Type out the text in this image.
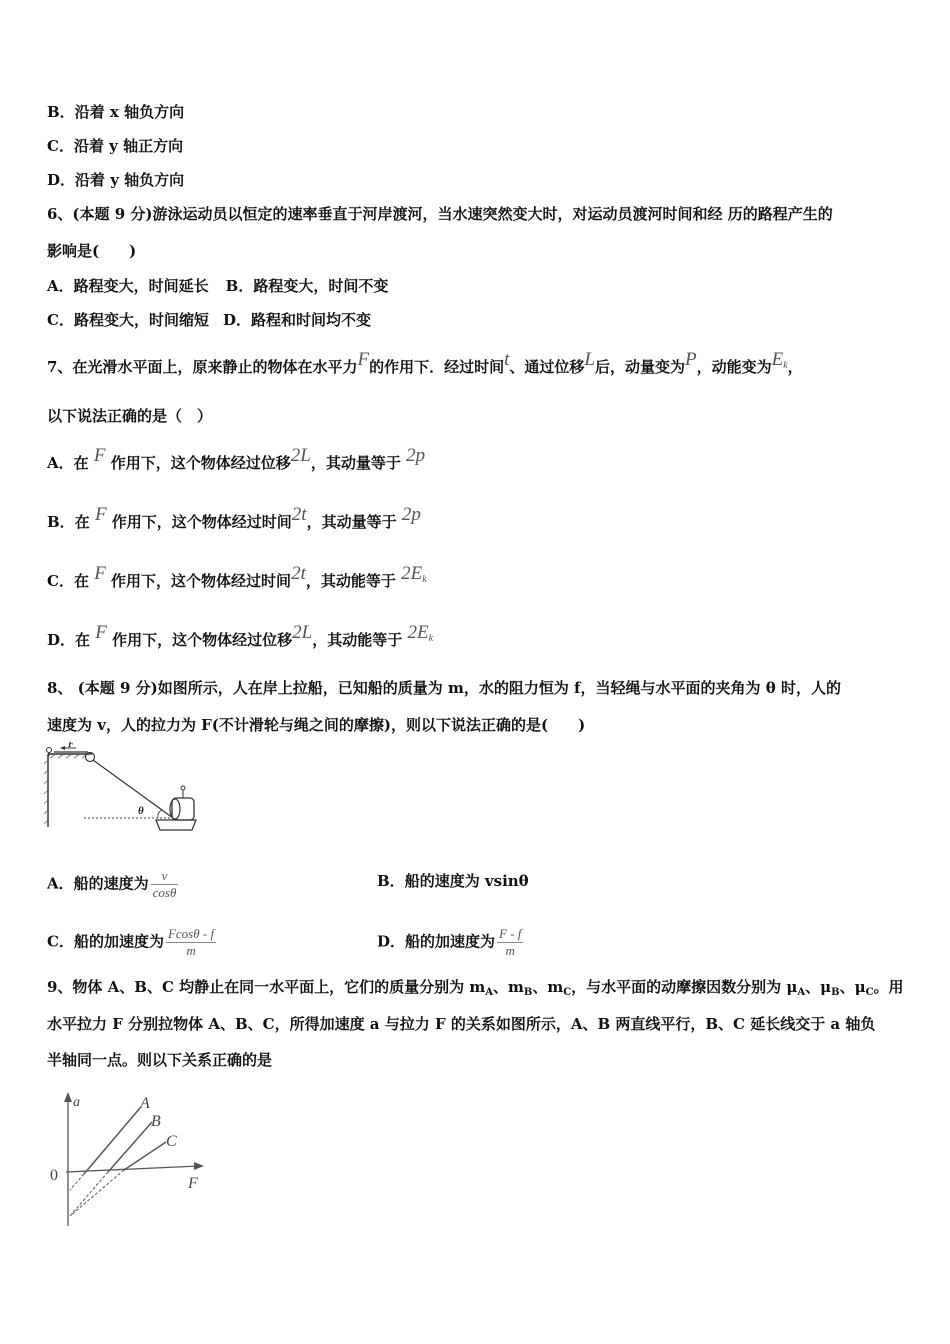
B．沿着 x 轴负方向
C．沿着 y 轴正方向
D．沿着 y 轴负方向
6、(本题 9 分)游泳运动员以恒定的速率垂直于河岸渡河，当水速突然变大时，对运动员渡河时间和经 历的路程产生的
影响是(　　)
A．路程变大，时间延长 B．路程变大，时间不变
C．路程变大，时间缩短 D．路程和时间均不变
7、在光滑水平面上，原来静止的物体在水平力F的作用下．经过时间t、通过位移L后，动量变为P，动能变为$E_k$，
以下说法正确的是（　）
A．在 F 作用下，这个物体经过位移2L，其动量等于 2p
B．在 F 作用下，这个物体经过时间2t，其动量等于 2p
C．在 F 作用下，这个物体经过时间2t，其动能等于 $2E_k$
D．在 F 作用下，这个物体经过位移2L，其动能等于 $2E_k$
8、 (本题 9 分)如图所示，人在岸上拉船，已知船的质量为 m，水的阻力恒为 f，当轻绳与水平面的夹角为 θ 时，人的
速度为 v，人的拉力为 F(不计滑轮与绳之间的摩擦)，则以下说法正确的是(　　)
F
θ
A．船的速度为 $\frac{v}{\cos\theta}$	B．船的速度为 vsinθ
C．船的加速度为 $\frac{Fcos\theta - f}{m}$	D．船的加速度为 $\frac{F - f}{m}$
9、物体 A、B、C 均静止在同一水平面上，它们的质量分别为 $m_A$、$m_B$、$m_C$，与水平面的动摩擦因数分别为 $\mu_A$、$\mu_B$、$\mu_C$。用
水平拉力 F 分别拉物体 A、B、C，所得加速度 a 与拉力 F 的关系如图所示，A、B 两直线平行，B、C 延长线交于 a 轴负
半轴同一点。则以下关系正确的是
a
F
0
A
B
C
